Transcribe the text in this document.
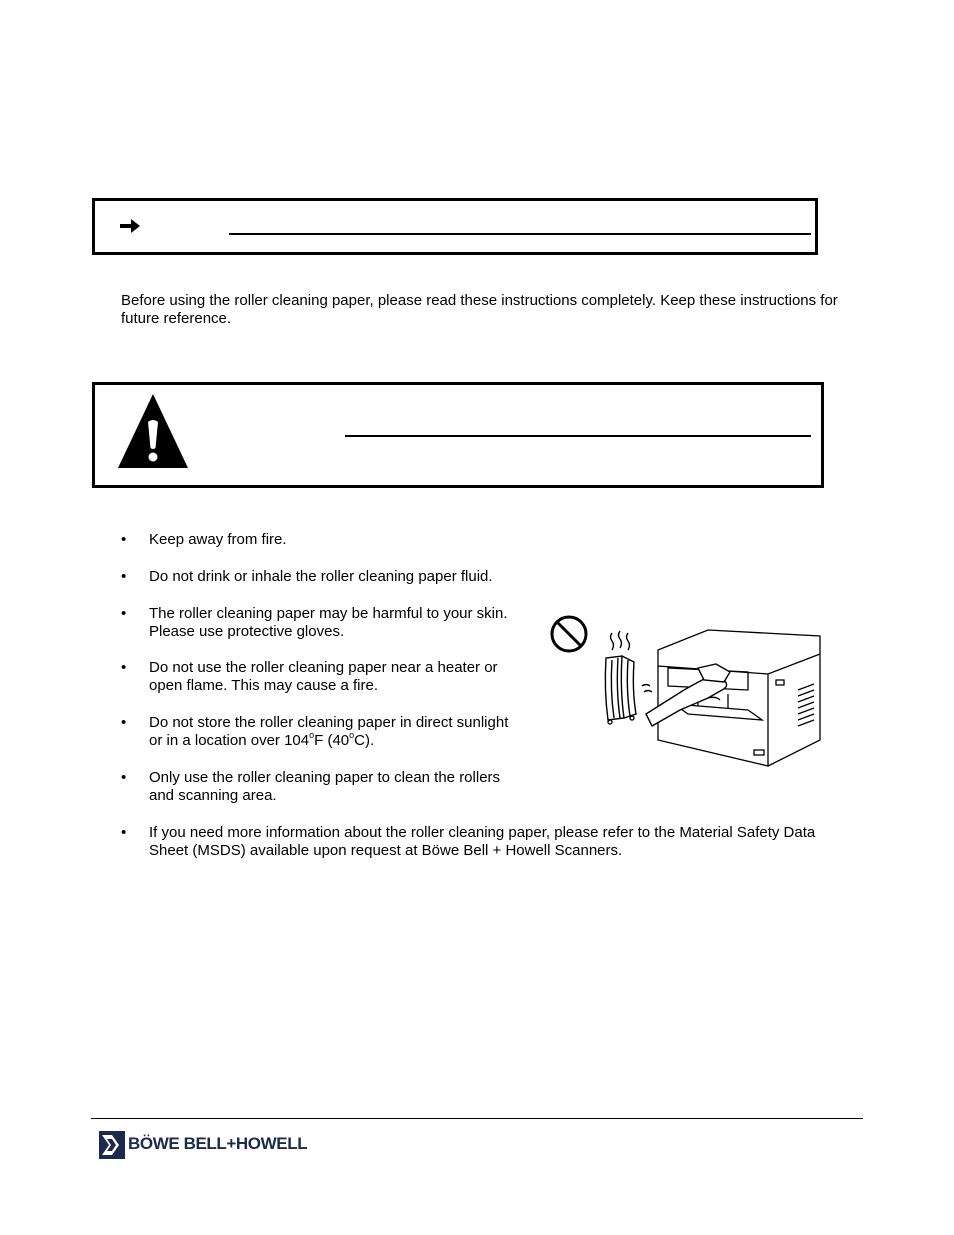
Before using the roller cleaning paper, please read these instructions completely. Keep these instructions for future reference.

•	Keep away from fire.
•	Do not drink or inhale the roller cleaning paper fluid.
•	The roller cleaning paper may be harmful to your skin.
Please use protective gloves.
•	Do not use the roller cleaning paper near a heater or
open flame. This may cause a fire.
•	Do not store the roller cleaning paper in direct sunlight
or in a location over 104$^o$F (40$^o$C).
•	Only use the roller cleaning paper to clean the rollers
and scanning area.
•	If you need more information about the roller cleaning paper, please refer to the Material Safety Data
Sheet (MSDS) available upon request at Böwe Bell + Howell Scanners.
BÖWE BELL+HOWELL
